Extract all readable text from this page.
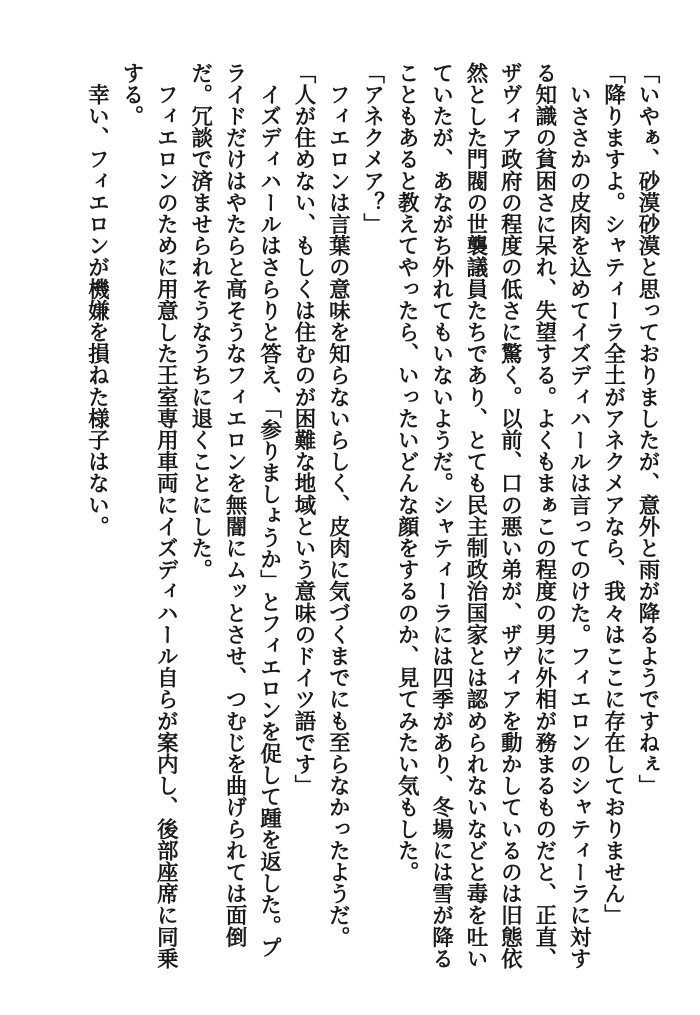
「いやぁ、砂漠砂漠と思っておりましたが、意外と雨が降るようですねぇ」
「降りますよ。シャティーラ全土がアネクメアなら、我々はここに存在しておりません」
　いささかの皮肉を込めてイズディハールは言ってのけた。フィエロンのシャティーラに対す
る知識の貧困さに呆れ、失望する。よくもまぁこの程度の男に外相が務まるものだと、正直、
ザヴィア政府の程度の低さに驚く。以前、口の悪い弟が、ザヴィアを動かしているのは旧態依
然とした門閥の世襲議員たちであり、とても民主制政治国家とは認められないなどと毒を吐い
ていたが、あながち外れてもいないようだ。シャティーラには四季があり、冬場には雪が降る
こともあると教えてやったら、いったいどんな顔をするのか、見てみたい気もした。
「アネクメア？」
　フィエロンは言葉の意味を知らないらしく、皮肉に気づくまでにも至らなかったようだ。
「人が住めない、もしくは住むのが困難な地域という意味のドイツ語です」
　イズディハールはさらりと答え、「参りましょうか」とフィエロンを促して踵を返した。プ
ライドだけはやたらと高そうなフィエロンを無闇にムッとさせ、つむじを曲げられては面倒
だ。冗談で済ませられそうなうちに退くことにした。
　フィエロンのために用意した王室専用車両にイズディハール自らが案内し、後部座席に同乗
する。
　幸い、フィエロンが機嫌を損ねた様子はない。
